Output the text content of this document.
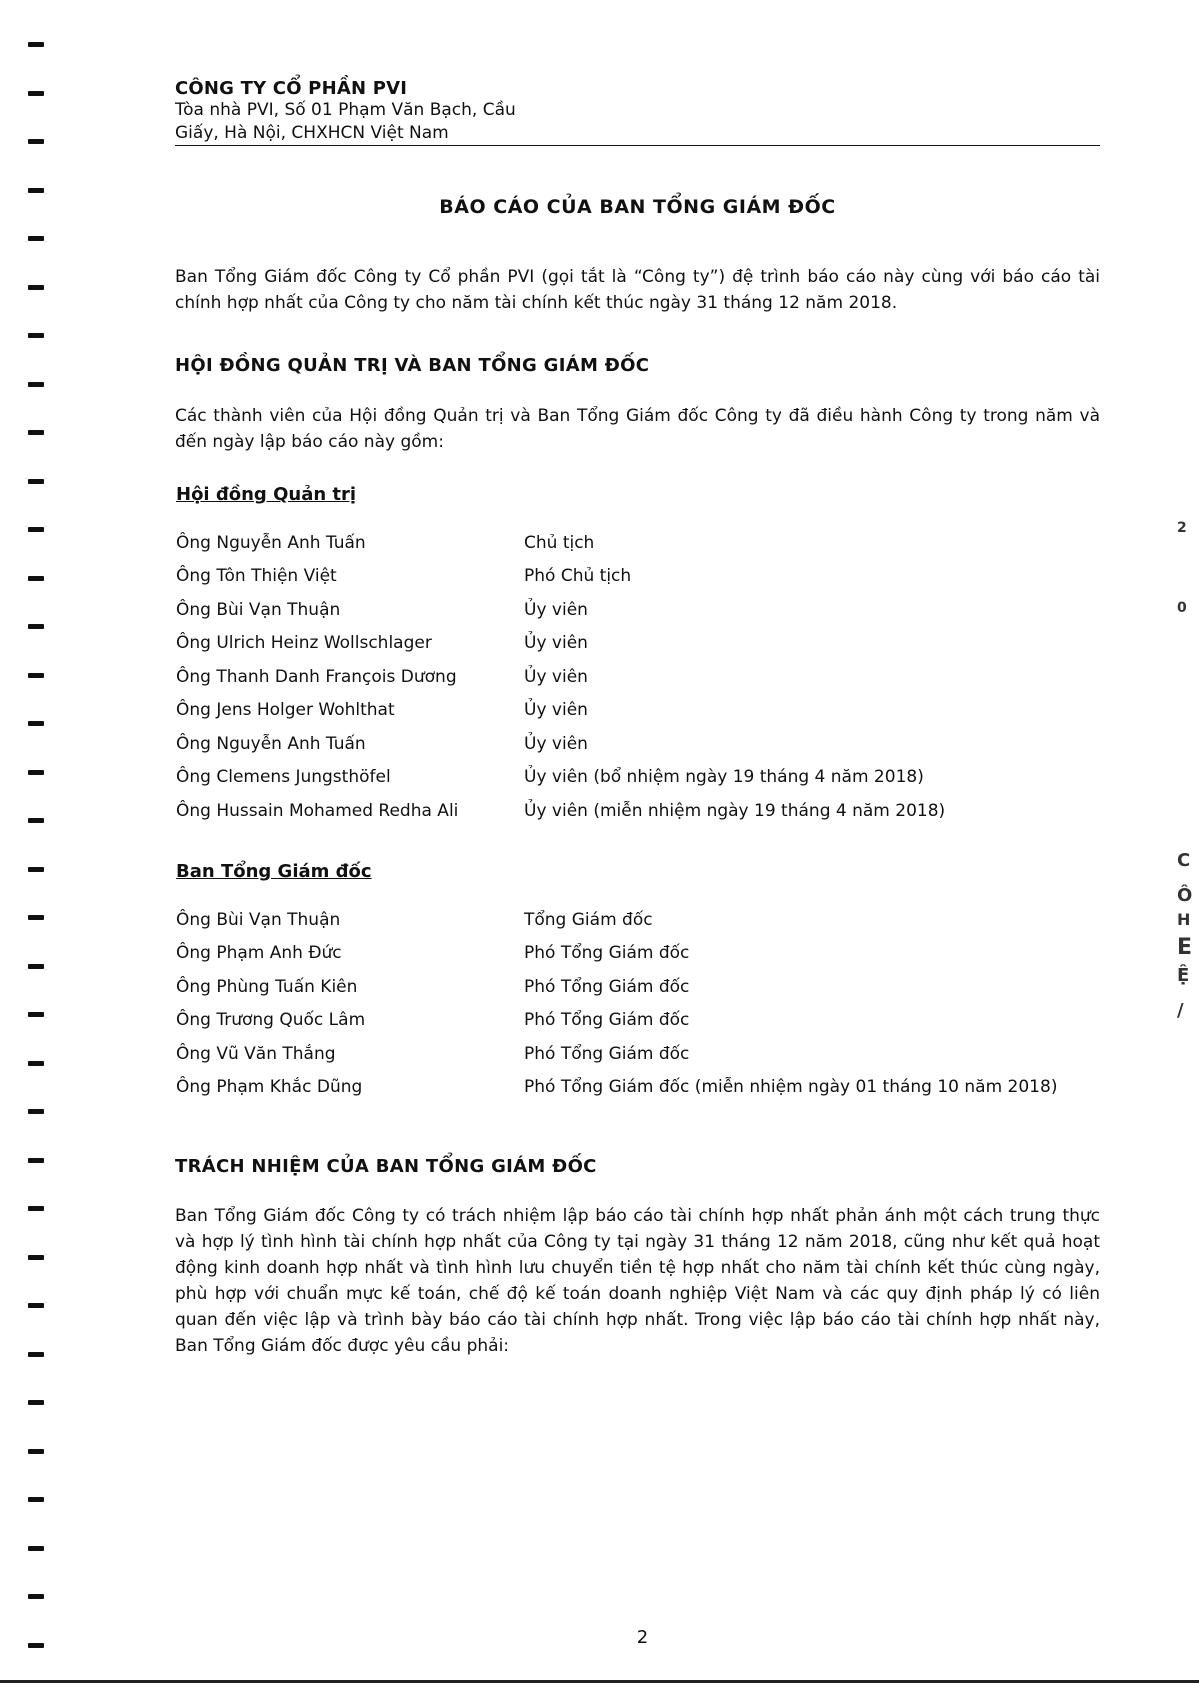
2
0
C
Ô
H
E
Ệ
/
CÔNG TY CỔ PHẦN PVI
Tòa nhà PVI, Số 01 Phạm Văn Bạch, Cầu
Giấy, Hà Nội, CHXHCN Việt Nam
BÁO CÁO CỦA BAN TỔNG GIÁM ĐỐC
Ban Tổng Giám đốc Công ty Cổ phần PVI (gọi tắt là “Công ty”) đệ trình báo cáo này cùng với báo cáo tài chính hợp nhất của Công ty cho năm tài chính kết thúc ngày 31 tháng 12 năm 2018.
HỘI ĐỒNG QUẢN TRỊ VÀ BAN TỔNG GIÁM ĐỐC
Các thành viên của Hội đồng Quản trị và Ban Tổng Giám đốc Công ty đã điều hành Công ty trong năm và đến ngày lập báo cáo này gồm:
Hội đồng Quản trị
Ông Nguyễn Anh Tuấn	Chủ tịch
Ông Tôn Thiện Việt	Phó Chủ tịch
Ông Bùi Vạn Thuận	Ủy viên
Ông Ulrich Heinz Wollschlager	Ủy viên
Ông Thanh Danh François Dương	Ủy viên
Ông Jens Holger Wohlthat	Ủy viên
Ông Nguyễn Anh Tuấn	Ủy viên
Ông Clemens Jungsthöfel	Ủy viên (bổ nhiệm ngày 19 tháng 4 năm 2018)
Ông Hussain Mohamed Redha Ali	Ủy viên (miễn nhiệm ngày 19 tháng 4 năm 2018)
Ban Tổng Giám đốc
Ông Bùi Vạn Thuận	Tổng Giám đốc
Ông Phạm Anh Đức	Phó Tổng Giám đốc
Ông Phùng Tuấn Kiên	Phó Tổng Giám đốc
Ông Trương Quốc Lâm	Phó Tổng Giám đốc
Ông Vũ Văn Thắng	Phó Tổng Giám đốc
Ông Phạm Khắc Dũng	Phó Tổng Giám đốc (miễn nhiệm ngày 01 tháng 10 năm 2018)
TRÁCH NHIỆM CỦA BAN TỔNG GIÁM ĐỐC
Ban Tổng Giám đốc Công ty có trách nhiệm lập báo cáo tài chính hợp nhất phản ánh một cách trung thực và hợp lý tình hình tài chính hợp nhất của Công ty tại ngày 31 tháng 12 năm 2018, cũng như kết quả hoạt động kinh doanh hợp nhất và tình hình lưu chuyển tiền tệ hợp nhất cho năm tài chính kết thúc cùng ngày, phù hợp với chuẩn mực kế toán, chế độ kế toán doanh nghiệp Việt Nam và các quy định pháp lý có liên quan đến việc lập và trình bày báo cáo tài chính hợp nhất. Trong việc lập báo cáo tài chính hợp nhất này, Ban Tổng Giám đốc được yêu cầu phải:
2
